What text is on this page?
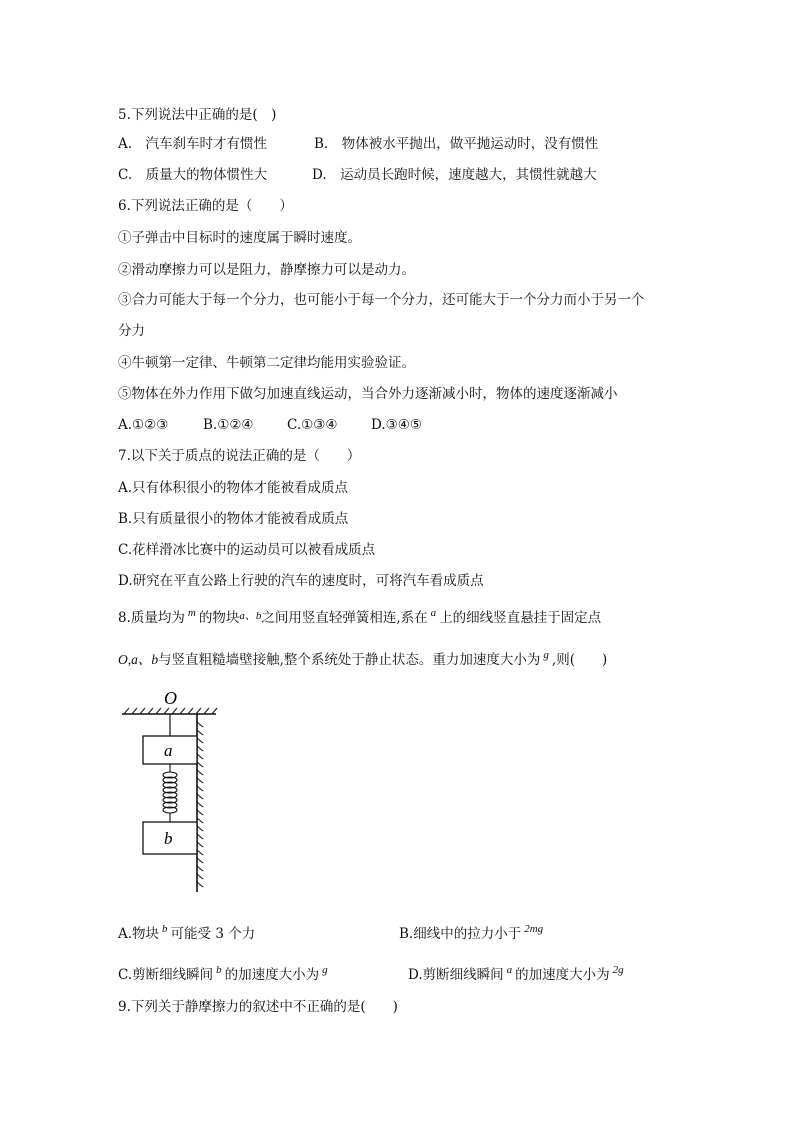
5.下列说法中正确的是(　)
A.　汽车刹车时才有惯性	B.　物体被水平抛出，做平抛运动时，没有惯性
C.　质量大的物体惯性大	D.　运动员长跑时候，速度越大，其惯性就越大
6.下列说法正确的是（　　）
①子弹击中目标时的速度属于瞬时速度。
②滑动摩擦力可以是阻力，静摩擦力可以是动力。
③合力可能大于每一个分力，也可能小于每一个分力，还可能大于一个分力而小于另一个
分力
④牛顿第一定律、牛顿第二定律均能用实验验证。
⑤物体在外力作用下做匀加速直线运动，当合外力逐渐减小时，物体的速度逐渐减小
A.①②③	B.①②④ C.①③④ D.③④⑤
7.以下关于质点的说法正确的是（　　）
A.只有体积很小的物体才能被看成质点
B.只有质量很小的物体才能被看成质点
C.花样滑冰比赛中的运动员可以被看成质点
D.研究在平直公路上行驶的汽车的速度时，可将汽车看成质点
8.质量均为 $^m$ 的物块$^{a、b}$之间用竖直轻弹簧相连,系在 $^a$ 上的细线竖直悬挂于固定点
O,a、b与竖直粗糙墙壁接触,整个系统处于静止状态。重力加速度大小为 $^g$ ,则(　　)
O
a
b
A.物块 $^b$ 可能受 3 个力	B.细线中的拉力小于 $^{2mg}$
C.剪断细线瞬间 $^b$ 的加速度大小为 $^g$	D.剪断细线瞬间 $^a$ 的加速度大小为 $^{2g}$
9.下列关于静摩擦力的叙述中不正确的是(　　)
